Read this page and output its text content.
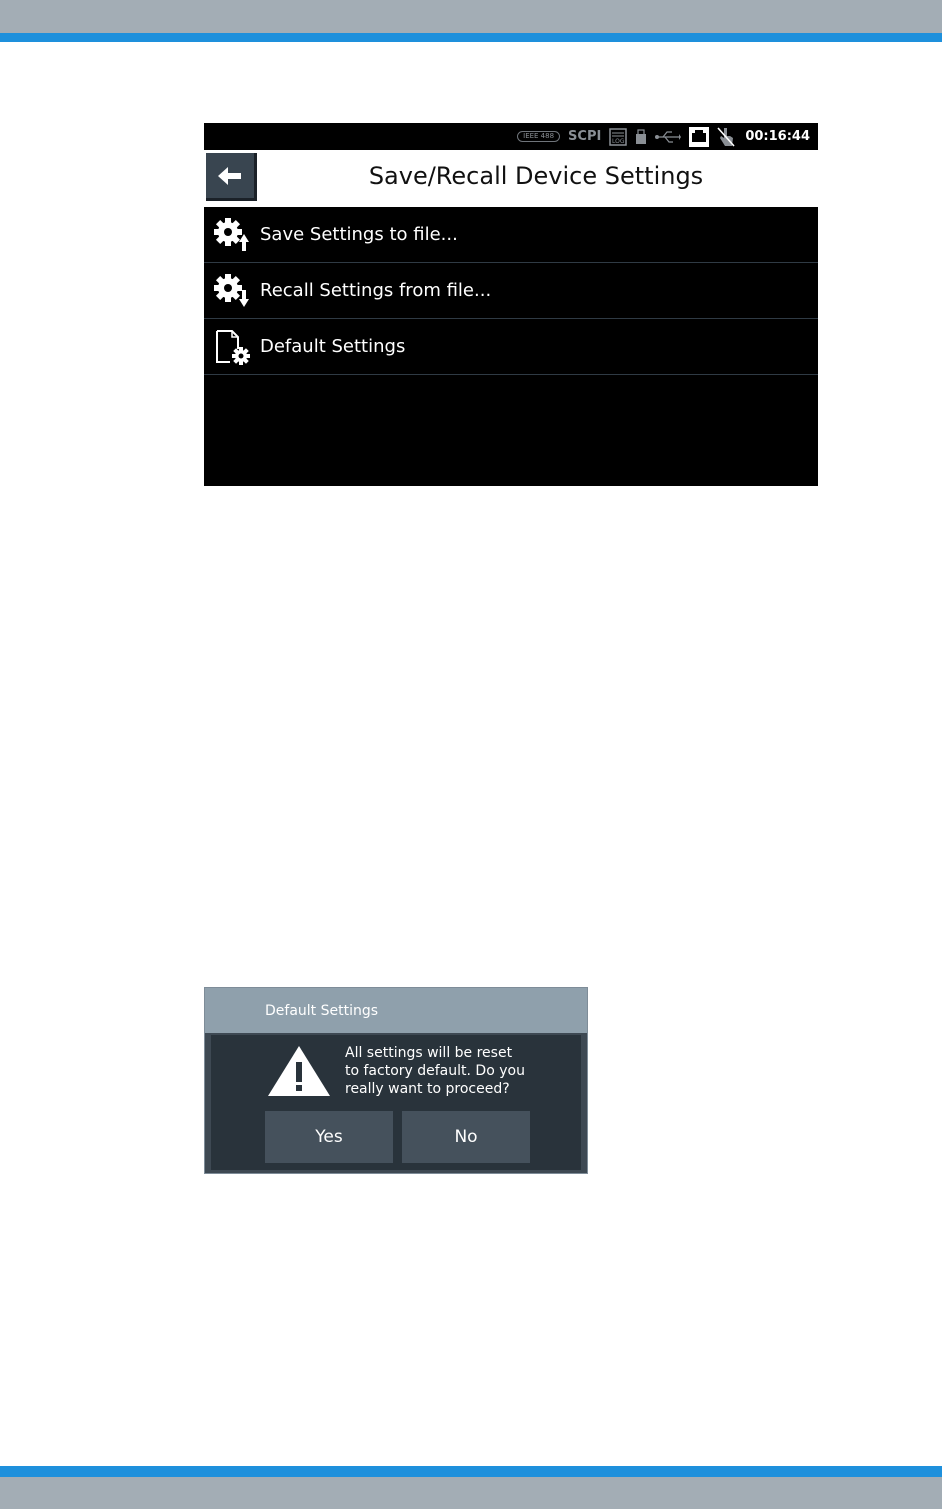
IEEE 488	SCPI LOG	00:16:44
Save/Recall Device Settings
Save Settings to file...
Recall Settings from file...
Default Settings
Default Settings
All settings will be reset
to factory default. Do you
really want to proceed?
Yes	No
